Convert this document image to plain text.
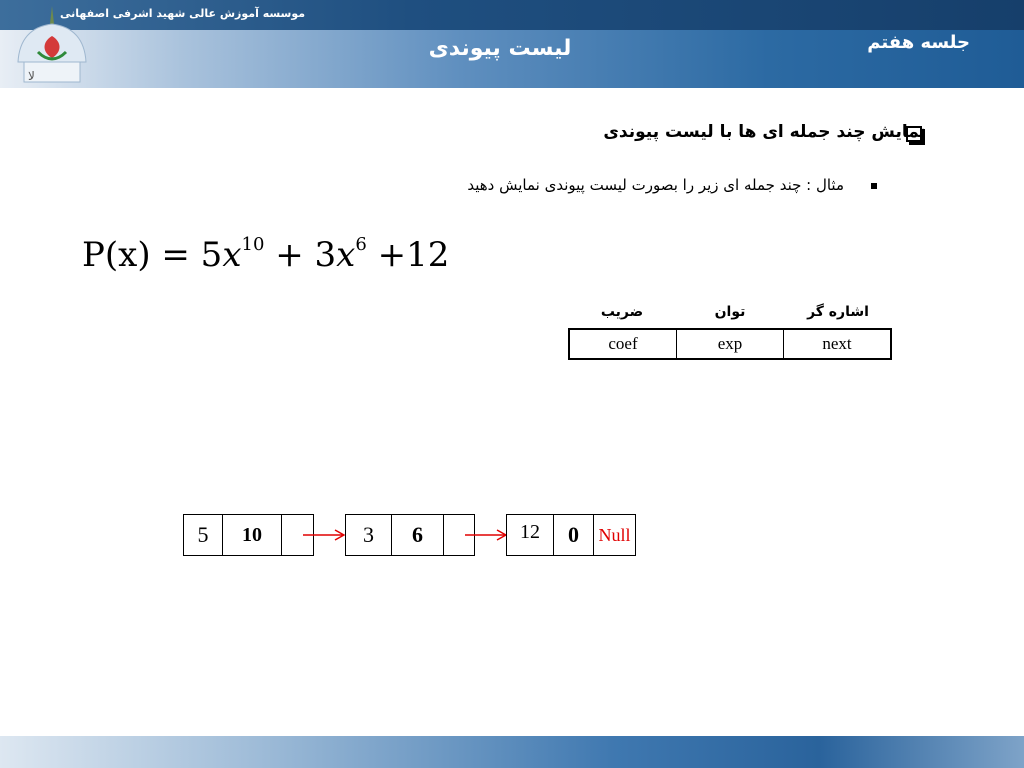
موسسه آموزش عالی شهید اشرفی اصفهانی
ﻻ
لیست پیوندی	جلسه هفتم
نمایش چند جمله ای ها با لیست پیوندی
مثال : چند جمله ای زیر را بصورت لیست پیوندی نمایش دهید
$P(x) = 5x^{10} + 3x^6 +12$
ضریب	توان	اشاره گر
coef	exp	next
5	10	3	6	12	0	Null
